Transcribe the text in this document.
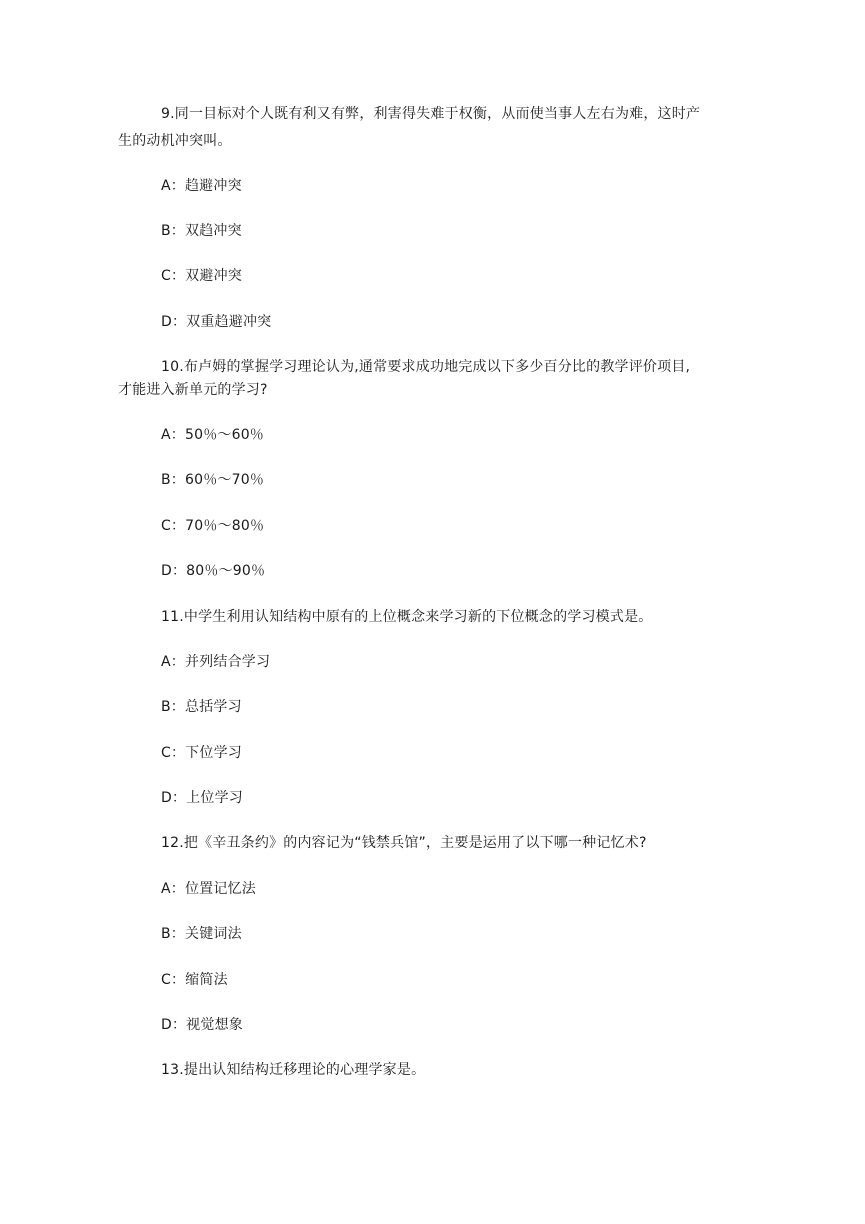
9.同一目标对个人既有利又有弊，利害得失难于权衡，从而使当事人左右为难，这时产
生的动机冲突叫。
A：趋避冲突
B：双趋冲突
C：双避冲突
D：双重趋避冲突
10.布卢姆的掌握学习理论认为,通常要求成功地完成以下多少百分比的教学评价项目,
才能进入新单元的学习?
A：50％～60％
B：60％～70％
C：70％～80％
D：80％～90％
11.中学生利用认知结构中原有的上位概念来学习新的下位概念的学习模式是。
A：并列结合学习
B：总括学习
C：下位学习
D：上位学习
12.把《辛丑条约》的内容记为“钱禁兵馆”，主要是运用了以下哪一种记忆术?
A：位置记忆法
B：关键词法
C：缩简法
D：视觉想象
13.提出认知结构迁移理论的心理学家是。
